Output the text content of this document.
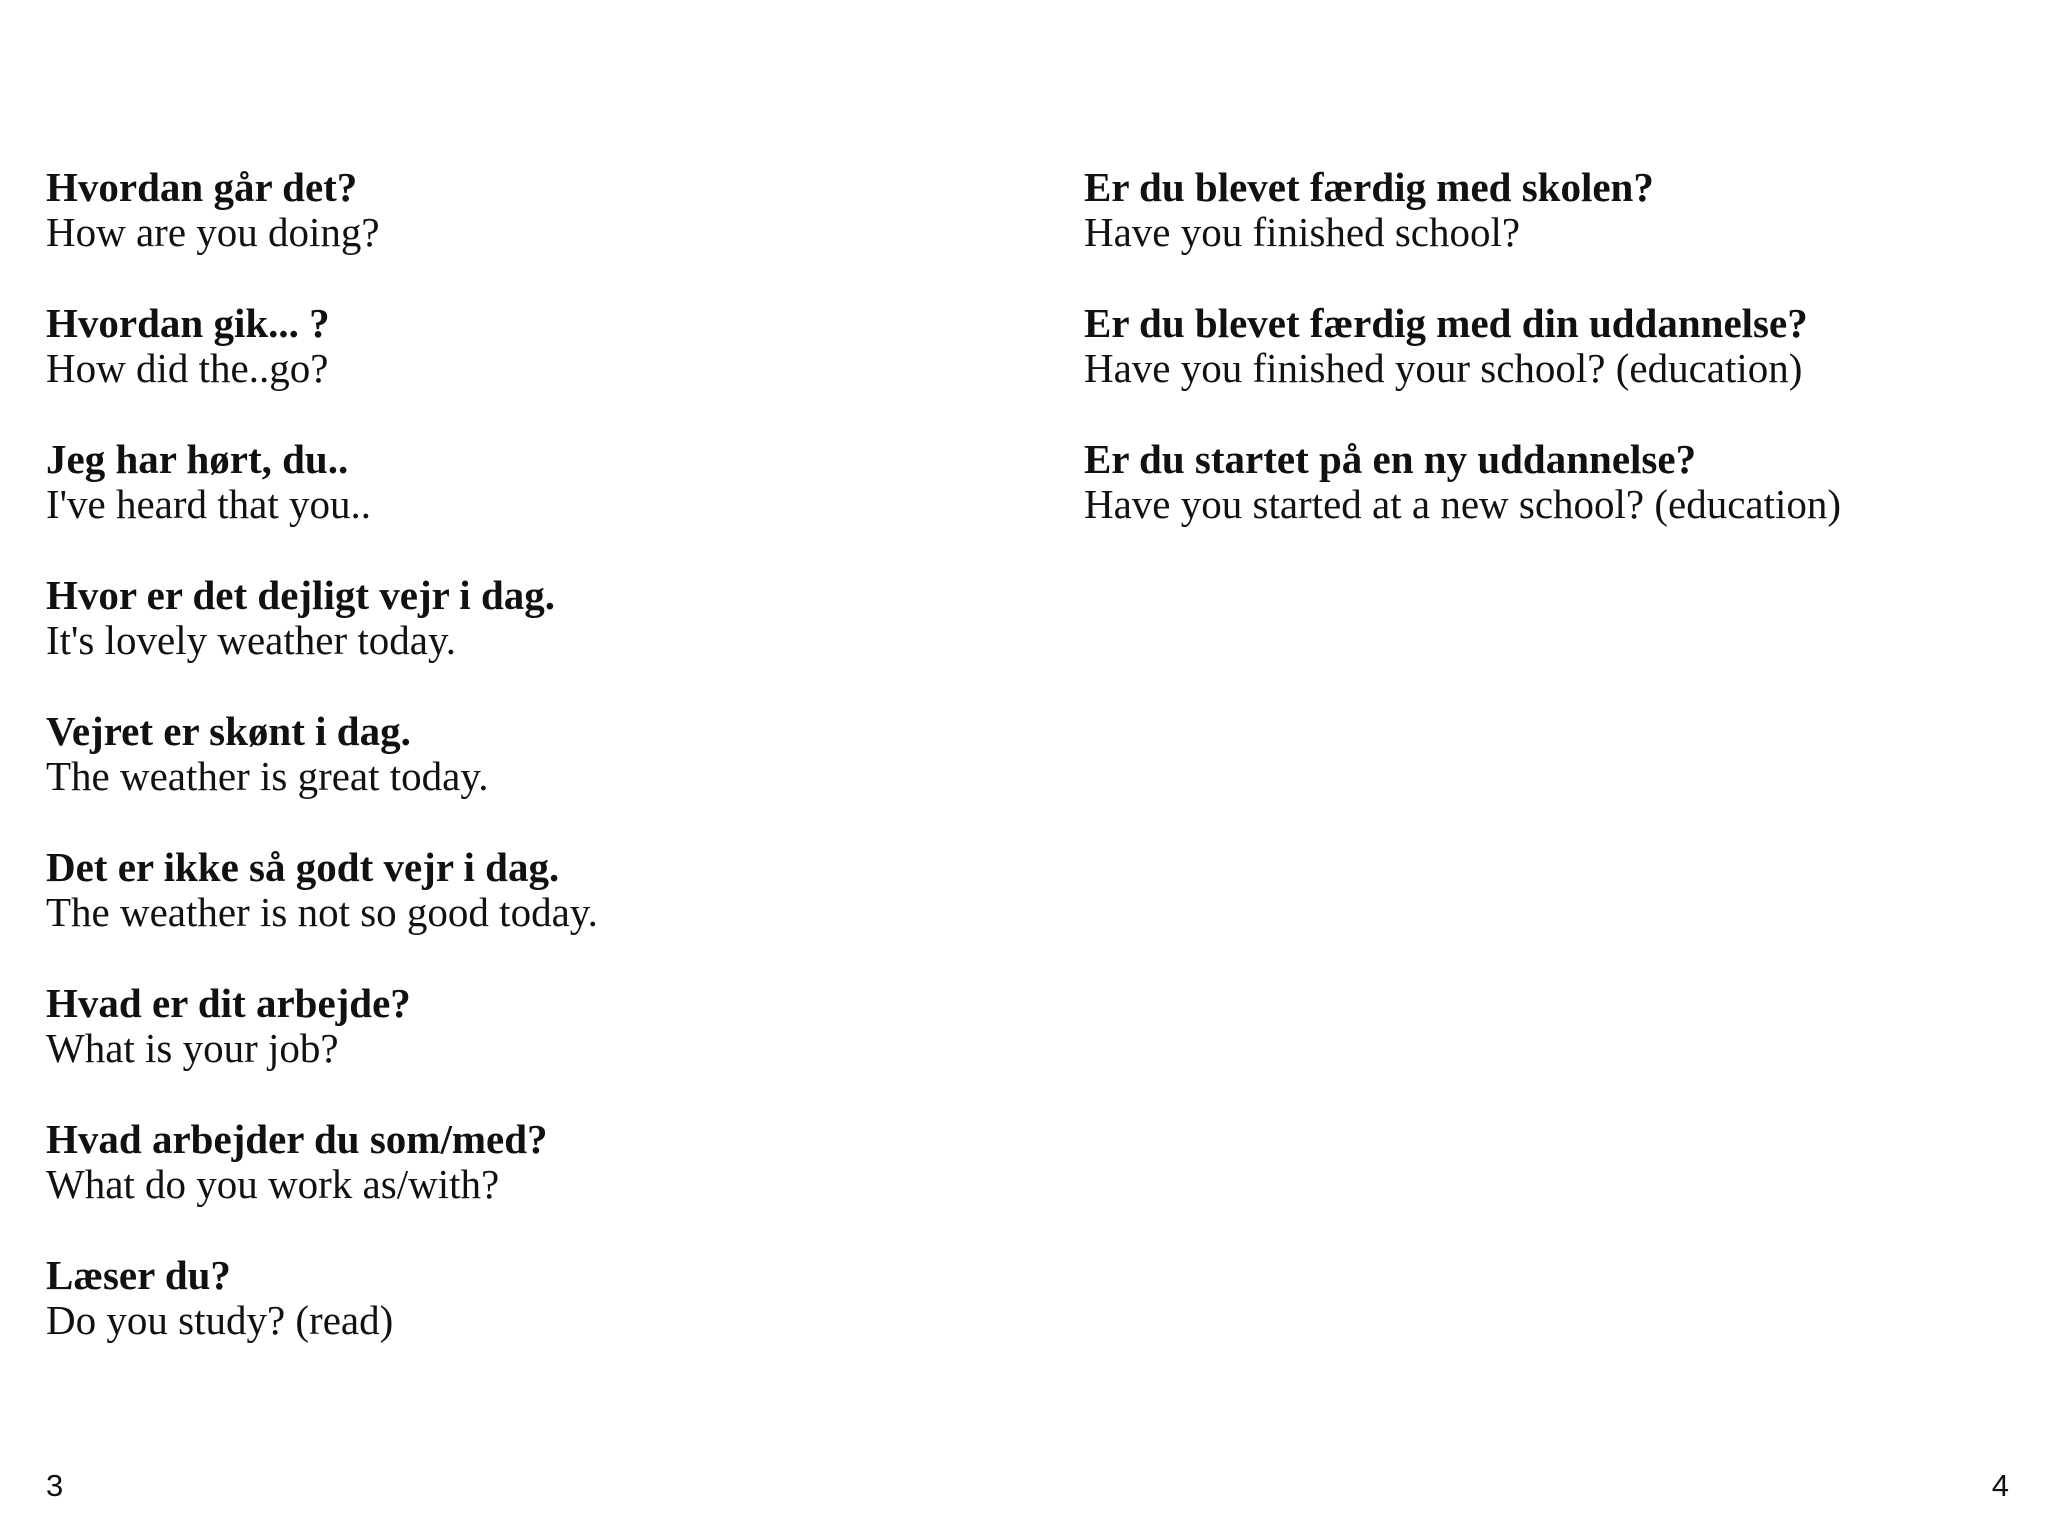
Hvordan går det?
How are you doing?
Hvordan gik... ?
How did the..go?
Jeg har hørt, du..
I've heard that you..
Hvor er det dejligt vejr i dag.
It's lovely weather today.
Vejret er skønt i dag.
The weather is great today.
Det er ikke så godt vejr i dag.
The weather is not so good today.
Hvad er dit arbejde?
What is your job?
Hvad arbejder du som/med?
What do you work as/with?
Læser du?
Do you study? (read)
3
Er du blevet færdig med skolen?
Have you finished school?
Er du blevet færdig med din uddannelse?
Have you finished your school? (education)
Er du startet på en ny uddannelse?
Have you started at a new school? (education)
4
